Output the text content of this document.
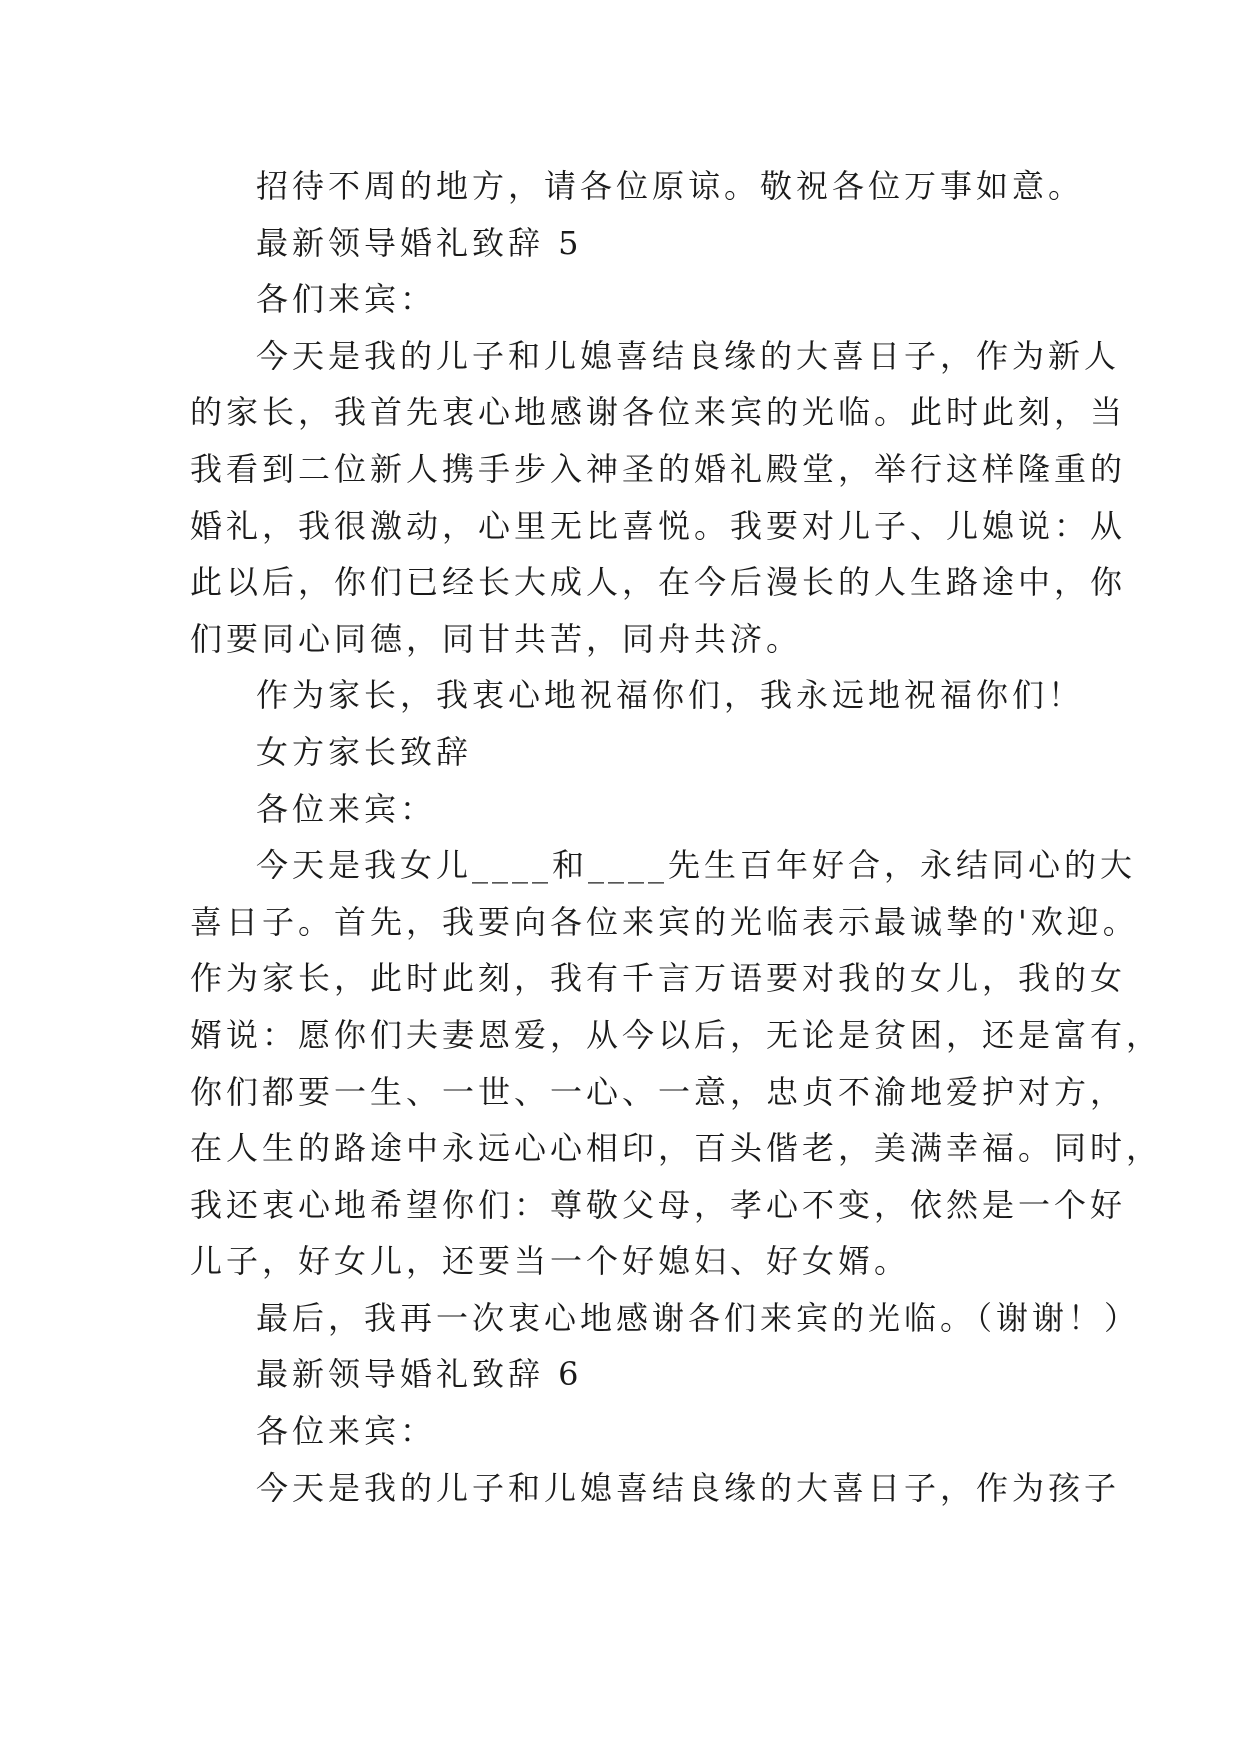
招待不周的地方，请各位原谅。敬祝各位万事如意。
最新领导婚礼致辞 5
各们来宾：
今天是我的儿子和儿媳喜结良缘的大喜日子，作为新人
的家长，我首先衷心地感谢各位来宾的光临。此时此刻，当
我看到二位新人携手步入神圣的婚礼殿堂，举行这样隆重的
婚礼，我很激动，心里无比喜悦。我要对儿子、儿媳说：从
此以后，你们已经长大成人，在今后漫长的人生路途中，你
们要同心同德，同甘共苦，同舟共济。
作为家长，我衷心地祝福你们，我永远地祝福你们！
女方家长致辞
各位来宾：
今天是我女儿____和____先生百年好合，永结同心的大
喜日子。首先，我要向各位来宾的光临表示最诚挚的'欢迎。
作为家长，此时此刻，我有千言万语要对我的女儿，我的女
婿说：愿你们夫妻恩爱，从今以后，无论是贫困，还是富有，
你们都要一生、一世、一心、一意，忠贞不渝地爱护对方，
在人生的路途中永远心心相印，百头偕老，美满幸福。同时，
我还衷心地希望你们：尊敬父母，孝心不变，依然是一个好
儿子，好女儿，还要当一个好媳妇、好女婿。
最后，我再一次衷心地感谢各们来宾的光临。（谢谢！）
最新领导婚礼致辞 6
各位来宾：
今天是我的儿子和儿媳喜结良缘的大喜日子，作为孩子
